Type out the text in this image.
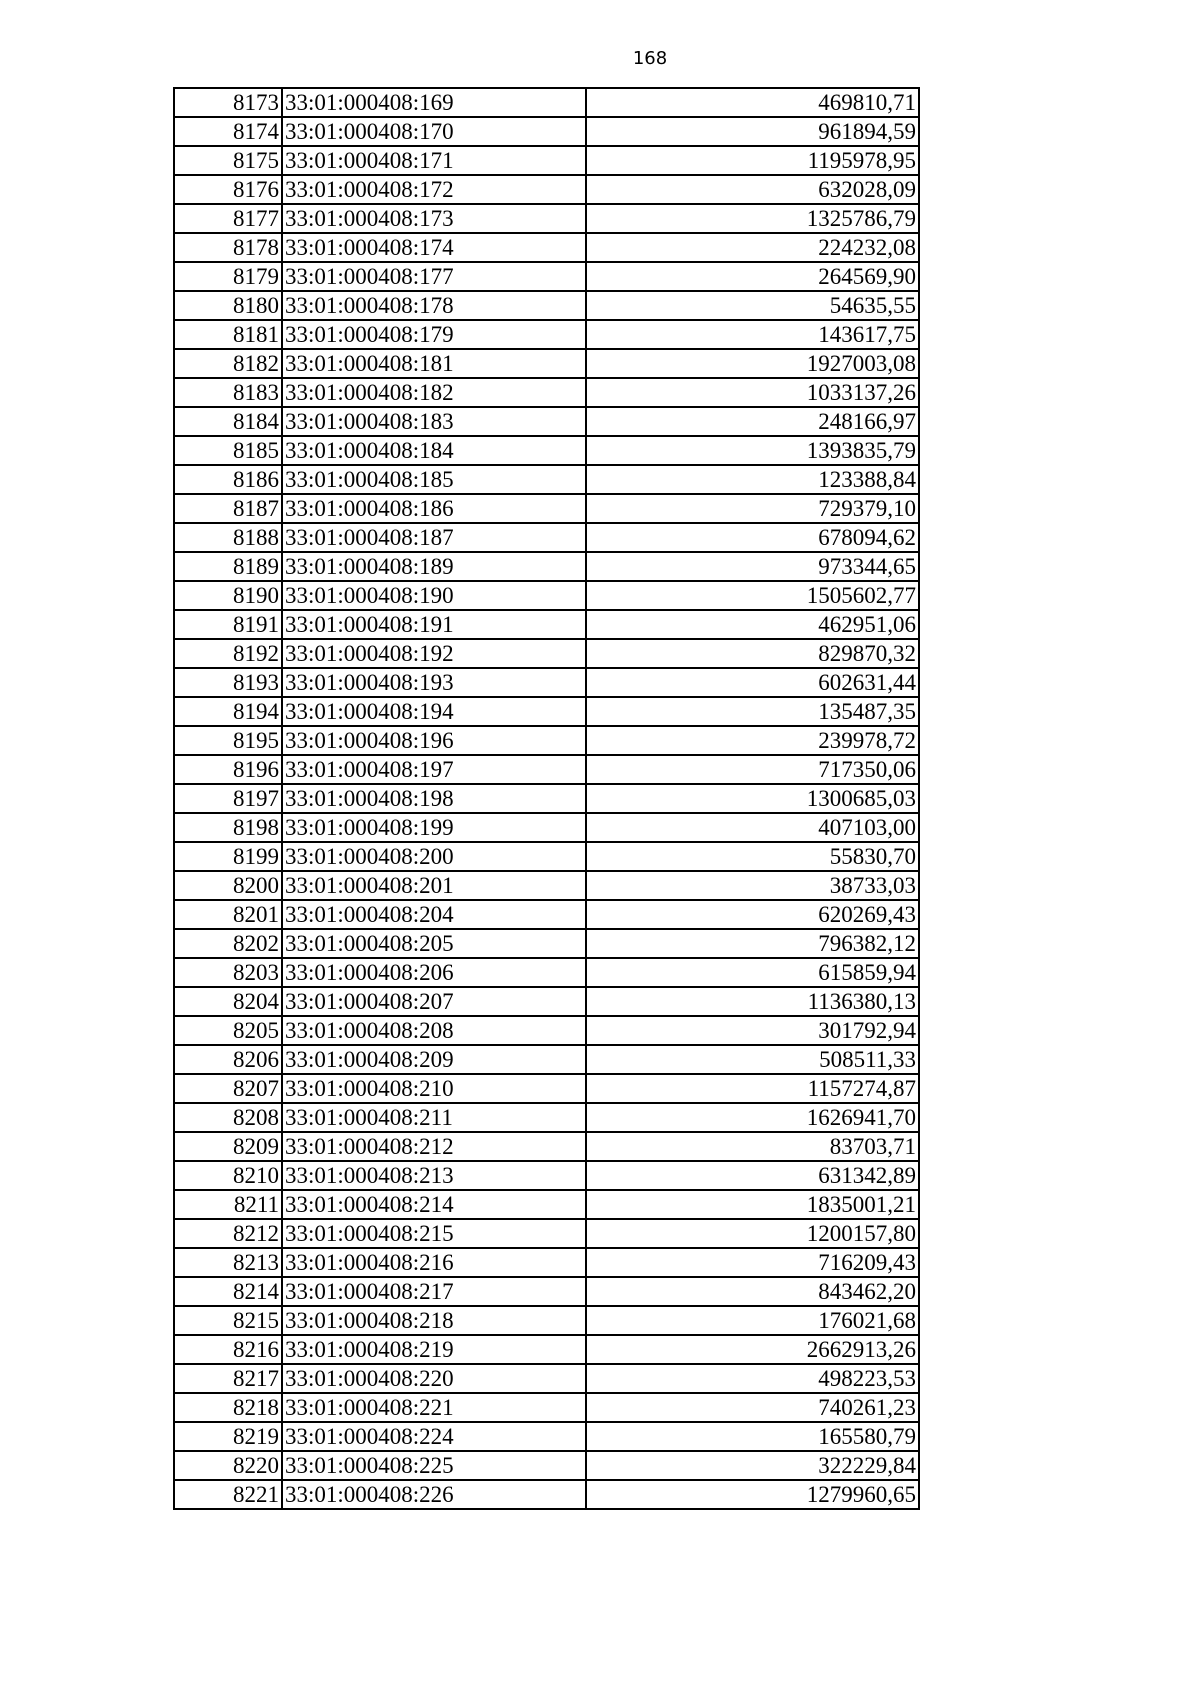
168
8173	33:01:000408:169	469810,71
8174	33:01:000408:170	961894,59
8175	33:01:000408:171	1195978,95
8176	33:01:000408:172	632028,09
8177	33:01:000408:173	1325786,79
8178	33:01:000408:174	224232,08
8179	33:01:000408:177	264569,90
8180	33:01:000408:178	54635,55
8181	33:01:000408:179	143617,75
8182	33:01:000408:181	1927003,08
8183	33:01:000408:182	1033137,26
8184	33:01:000408:183	248166,97
8185	33:01:000408:184	1393835,79
8186	33:01:000408:185	123388,84
8187	33:01:000408:186	729379,10
8188	33:01:000408:187	678094,62
8189	33:01:000408:189	973344,65
8190	33:01:000408:190	1505602,77
8191	33:01:000408:191	462951,06
8192	33:01:000408:192	829870,32
8193	33:01:000408:193	602631,44
8194	33:01:000408:194	135487,35
8195	33:01:000408:196	239978,72
8196	33:01:000408:197	717350,06
8197	33:01:000408:198	1300685,03
8198	33:01:000408:199	407103,00
8199	33:01:000408:200	55830,70
8200	33:01:000408:201	38733,03
8201	33:01:000408:204	620269,43
8202	33:01:000408:205	796382,12
8203	33:01:000408:206	615859,94
8204	33:01:000408:207	1136380,13
8205	33:01:000408:208	301792,94
8206	33:01:000408:209	508511,33
8207	33:01:000408:210	1157274,87
8208	33:01:000408:211	1626941,70
8209	33:01:000408:212	83703,71
8210	33:01:000408:213	631342,89
8211	33:01:000408:214	1835001,21
8212	33:01:000408:215	1200157,80
8213	33:01:000408:216	716209,43
8214	33:01:000408:217	843462,20
8215	33:01:000408:218	176021,68
8216	33:01:000408:219	2662913,26
8217	33:01:000408:220	498223,53
8218	33:01:000408:221	740261,23
8219	33:01:000408:224	165580,79
8220	33:01:000408:225	322229,84
8221	33:01:000408:226	1279960,65
